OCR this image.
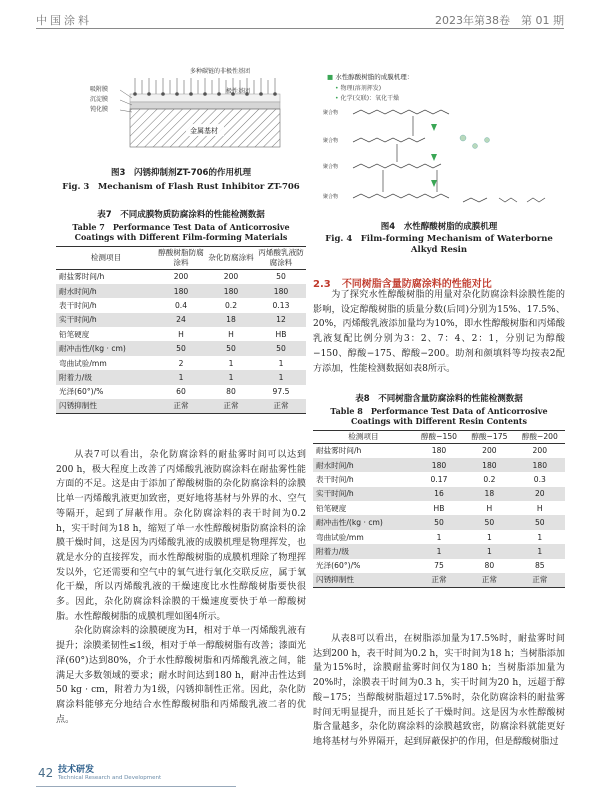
中国涂料	2023年第38卷　第 01 期
吸附膜
沉淀膜
钝化膜
多种碳链的非极性基团
极性基团
金属基材
图3　闪锈抑制剂ZT-706的作用机理
Fig. 3　Mechanism of Flash Rust Inhibitor ZT-706
表7　不同成膜物质防腐涂料的性能检测数据
Table 7　Performance Test Data of Anticorrosive Coatings with Different Film-forming Materials
检测项目	醇酸树脂防腐涂料	杂化防腐涂料	丙烯酸乳液防腐涂料
耐盐雾时间/h	200	200	50
耐水时间/h	180	180	180
表干时间/h	0.4	0.2	0.13
实干时间/h	24	18	12
铅笔硬度	H	H	HB
耐冲击性/(kg · cm)	50	50	50
弯曲试验/mm	2	1	1
附着力/级	1	1	1
光泽(60°)/%	60	80	97.5
闪锈抑制性	正常	正常	正常

从表7可以看出，杂化防腐涂料的耐盐雾时间可以达到200 h，极大程度上改善了丙烯酸乳液防腐涂料在耐盐雾性能方面的不足。这是由于添加了醇酸树脂的杂化防腐涂料的涂膜比单一丙烯酸乳液更加致密，更好地将基材与外界的水、空气等隔开，起到了屏蔽作用。杂化防腐涂料的表干时间为0.2 h，实干时间为18 h，缩短了单一水性醇酸树脂防腐涂料的涂膜干燥时间，这是因为丙烯酸乳液的成膜机理是物理挥发，也就是水分的直接挥发，而水性醇酸树脂的成膜机理除了物理挥发以外，它还需要和空气中的氧气进行氧化交联反应，属于氧化干燥，所以丙烯酸乳液的干燥速度比水性醇酸树脂要快很多。因此，杂化防腐涂料涂膜的干燥速度要快于单一醇酸树脂。水性醇酸树脂的成膜机理如图4所示。

杂化防腐涂料的涂膜硬度为H，相对于单一丙烯酸乳液有提升；涂膜柔韧性≤1级，相对于单一醇酸树脂有改善；漆面光泽(60°)达到80%，介于水性醇酸树脂和丙烯酸乳液之间，能满足大多数领域的要求；耐水时间达到180 h，耐冲击性达到50 kg · cm，附着力为1级，闪锈抑制性正常。因此，杂化防腐涂料能够充分地结合水性醇酸树脂和丙烯酸乳液二者的优点。

■ 水性醇酸树脂的成膜机理：
• 物理(溶剂挥发)
• 化学(交联)：氧化干燥
聚合物
聚合物
聚合物
聚合物
图4　水性醇酸树脂的成膜机理
Fig. 4　Film-forming Mechanism of Waterborne Alkyd Resin
2.3 不同树脂含量防腐涂料的性能对比

为了探究水性醇酸树脂的用量对杂化防腐涂料涂膜性能的影响，设定醇酸树脂的质量分数(后同)分别为15%、17.5%、20%，丙烯酸乳液添加量均为10%，即水性醇酸树脂和丙烯酸乳液复配比例分别为3：2、7：4、2：1，分别记为醇酸−150、醇酸−175、醇酸−200。助剂和颜填料等均按表2配方添加，性能检测数据如表8所示。

表8　不同树脂含量防腐涂料的性能检测数据
Table 8　Performance Test Data of Anticorrosive Coatings with Different Resin Contents
检测项目	醇酸−150	醇酸−175	醇酸−200
耐盐雾时间/h	180	200	200
耐水时间/h	180	180	180
表干时间/h	0.17	0.2	0.3
实干时间/h	16	18	20
铅笔硬度	HB	H	H
耐冲击性/(kg · cm)	50	50	50
弯曲试验/mm	1	1	1
附着力/级	1	1	1
光泽(60°)/%	75	80	85
闪锈抑制性	正常	正常	正常

从表8可以看出，在树脂添加量为17.5%时，耐盐雾时间达到200 h，表干时间为0.2 h，实干时间为18 h；当树脂添加量为15%时，涂膜耐盐雾时间仅为180 h；当树脂添加量为20%时，涂膜表干时间为0.3 h，实干时间为20 h，远超于醇酸−175；当醇酸树脂超过17.5%时，杂化防腐涂料的耐盐雾时间无明显提升，而且延长了干燥时间。这是因为水性醇酸树脂含量越多，杂化防腐涂料的涂膜越致密，防腐涂料就能更好地将基材与外界隔开，起到屏蔽保护的作用，但是醇酸树脂过

42 技术研发
Technical Research and Development
